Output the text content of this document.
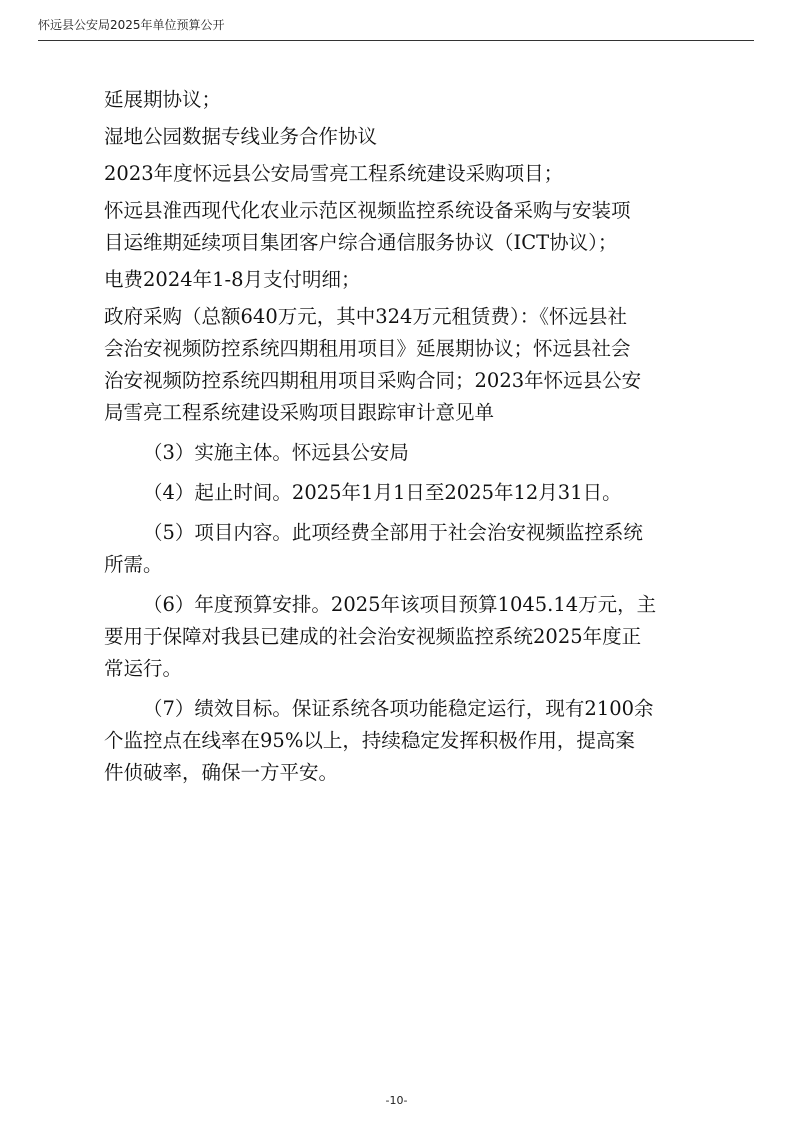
怀远县公安局2025年单位预算公开
延展期协议；
湿地公园数据专线业务合作协议
2023年度怀远县公安局雪亮工程系统建设采购项目；
怀远县淮西现代化农业示范区视频监控系统设备采购与安装项
目运维期延续项目集团客户综合通信服务协议（ICT协议）；
电费2024年1-8月支付明细；
政府采购（总额640万元，其中324万元租赁费）：《怀远县社
会治安视频防控系统四期租用项目》延展期协议；怀远县社会
治安视频防控系统四期租用项目采购合同；2023年怀远县公安
局雪亮工程系统建设采购项目跟踪审计意见单
（3）实施主体。怀远县公安局
（4）起止时间。2025年1月1日至2025年12月31日。
（5）项目内容。此项经费全部用于社会治安视频监控系统
所需。
（6）年度预算安排。2025年该项目预算1045.14万元，主
要用于保障对我县已建成的社会治安视频监控系统2025年度正
常运行。
（7）绩效目标。保证系统各项功能稳定运行，现有2100余
个监控点在线率在95%以上，持续稳定发挥积极作用，提高案
件侦破率，确保一方平安。
-10-
